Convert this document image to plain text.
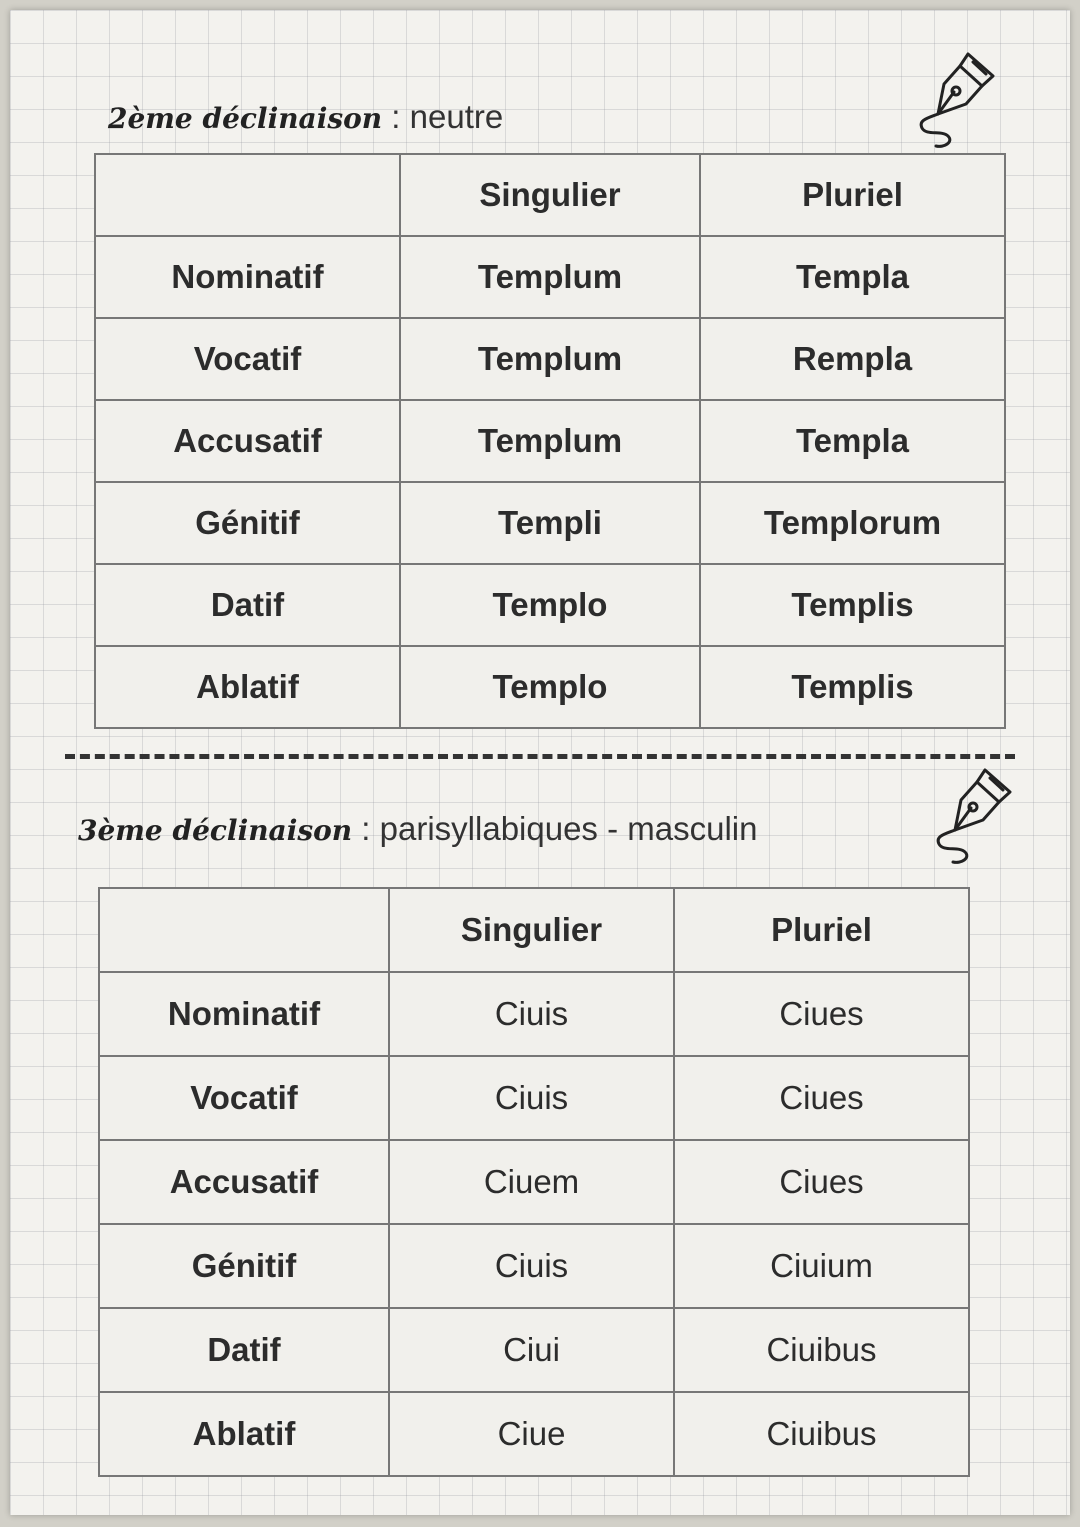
2ème déclinaison : neutre
	Singulier	Pluriel
Nominatif	Templum	Templa
Vocatif	Templum	Rempla
Accusatif	Templum	Templa
Génitif	Templi	Templorum
Datif	Templo	Templis
Ablatif	Templo	Templis
3ème déclinaison : parisyllabiques - masculin
	Singulier	Pluriel
Nominatif	Ciuis	Ciues
Vocatif	Ciuis	Ciues
Accusatif	Ciuem	Ciues
Génitif	Ciuis	Ciuium
Datif	Ciui	Ciuibus
Ablatif	Ciue	Ciuibus
